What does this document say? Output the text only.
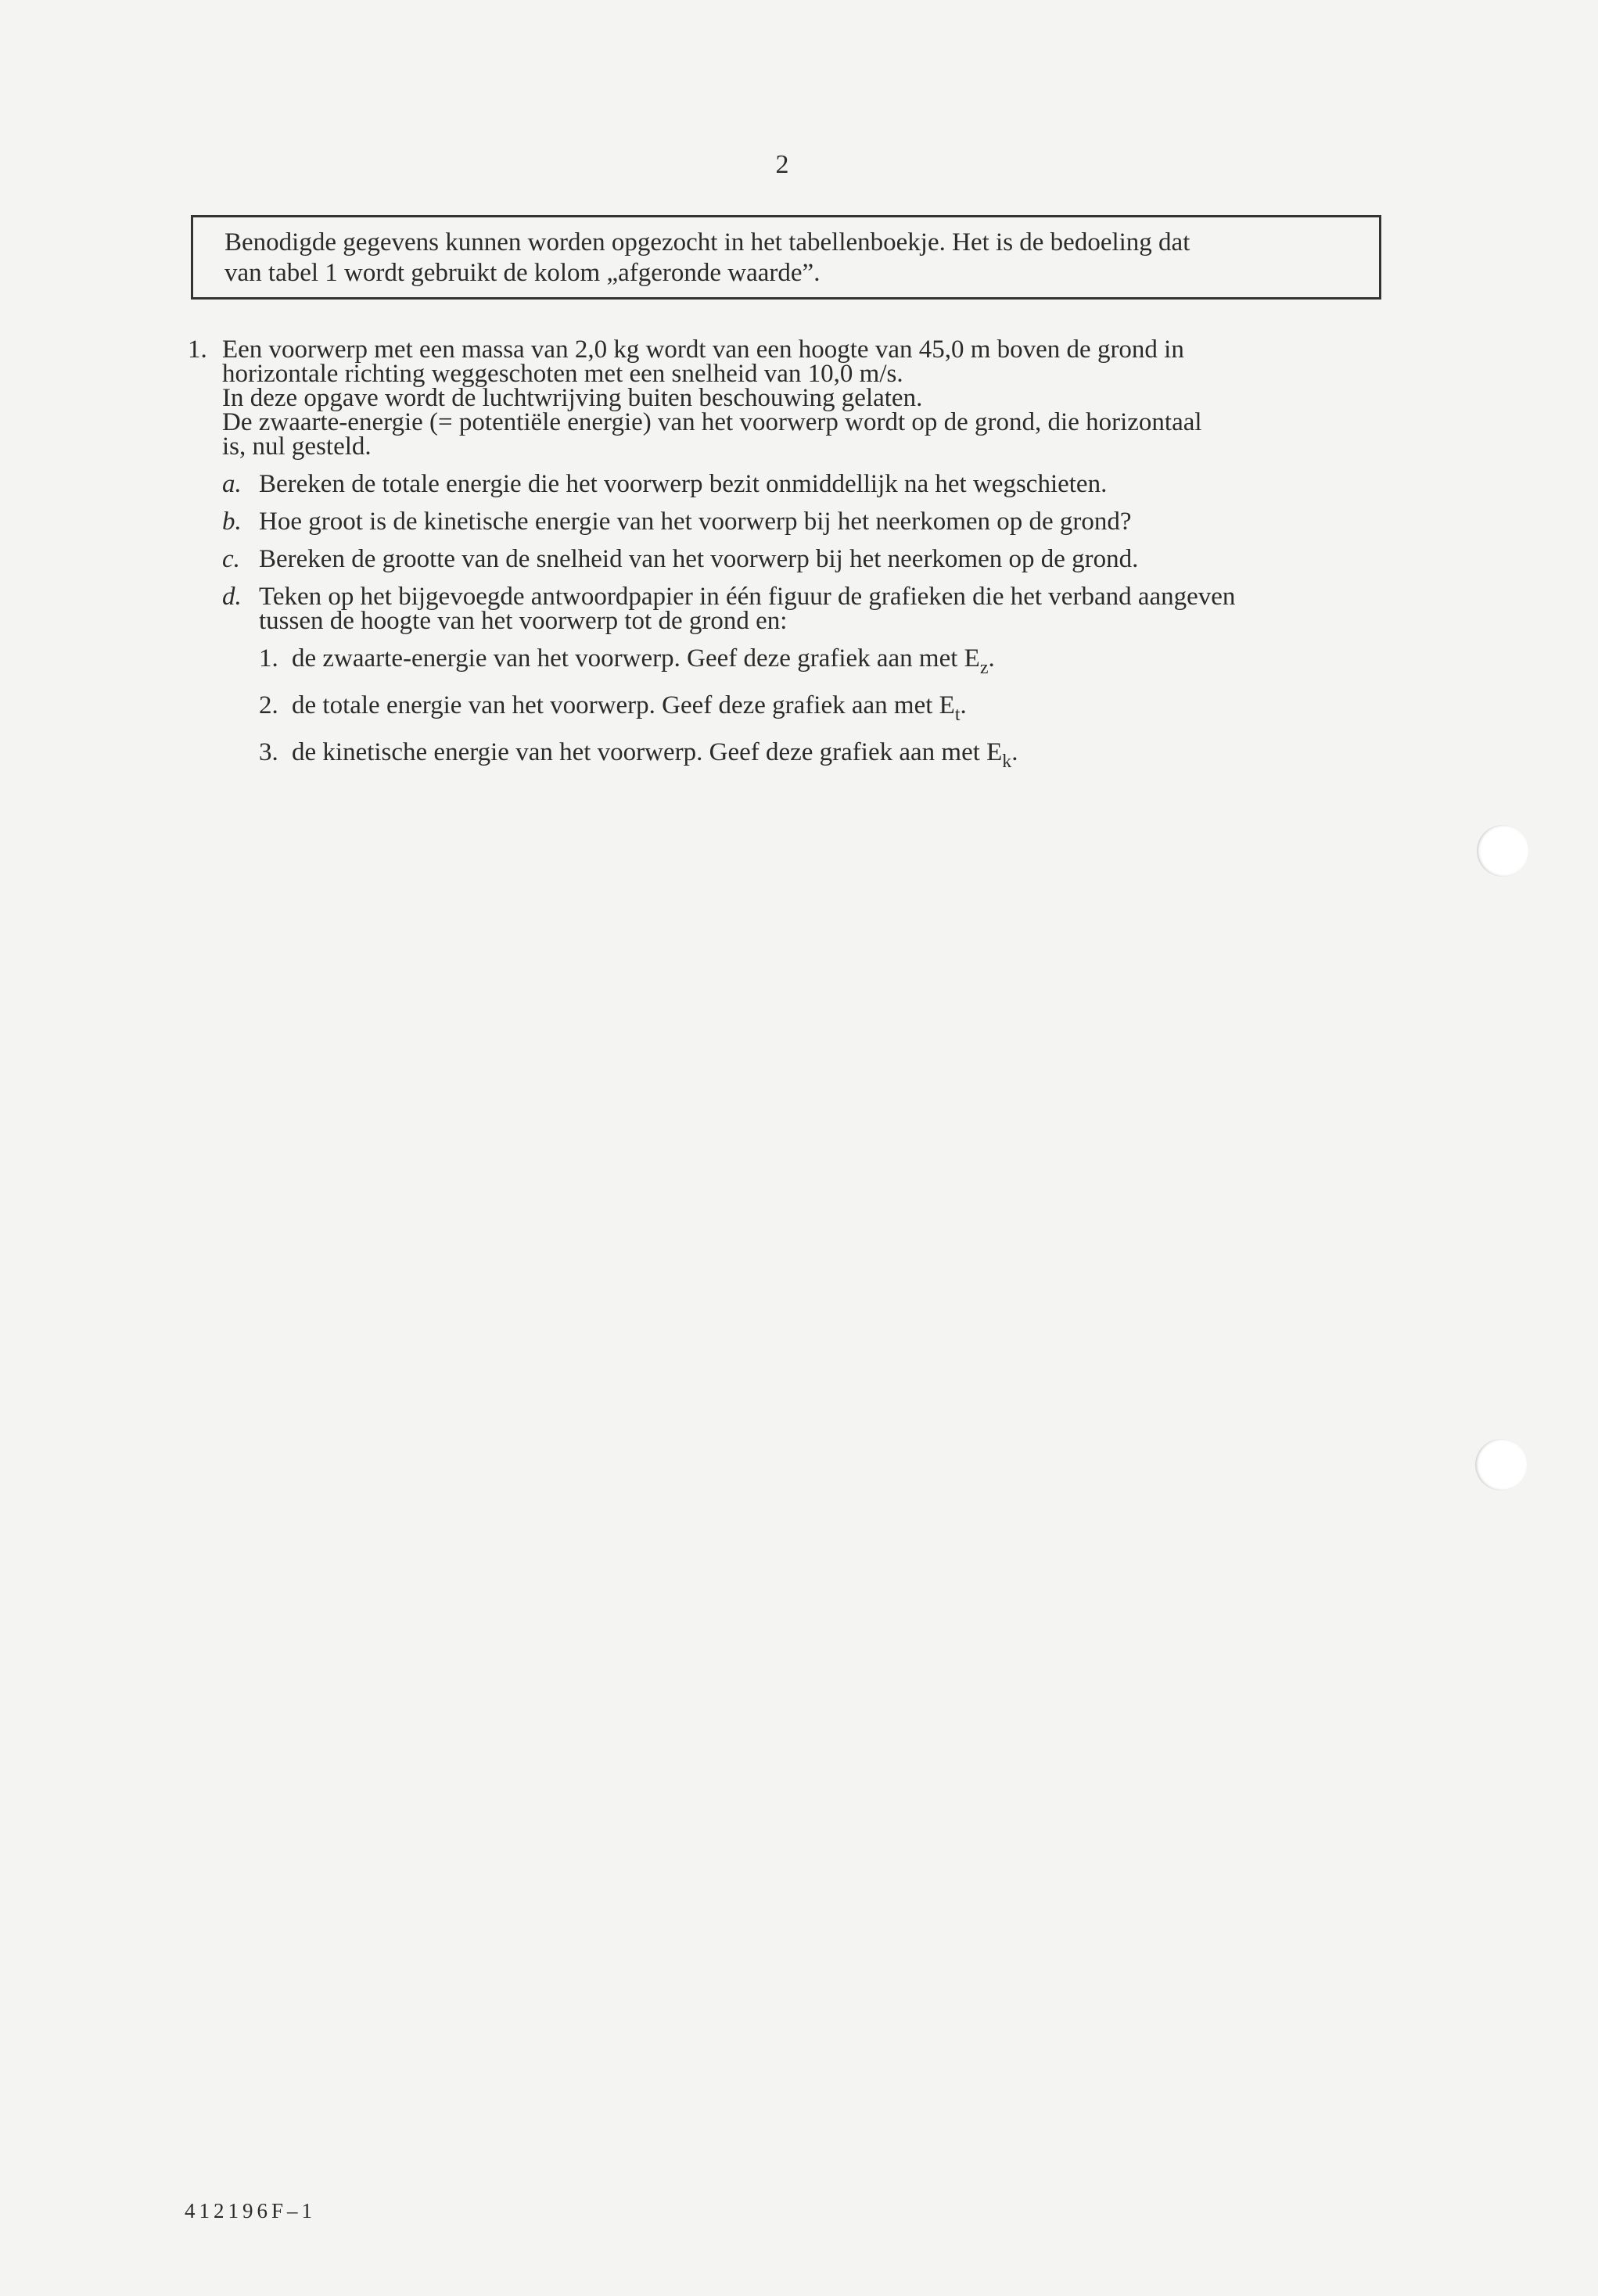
2
Benodigde gegevens kunnen worden opgezocht in het tabellenboekje. Het is de bedoeling dat
van tabel 1 wordt gebruikt de kolom „afgeronde waarde”.
1. Een voorwerp met een massa van 2,0 kg wordt van een hoogte van 45,0 m boven de grond in
horizontale richting weggeschoten met een snelheid van 10,0 m/s.
In deze opgave wordt de luchtwrijving buiten beschouwing gelaten.
De zwaarte-energie (= potentiële energie) van het voorwerp wordt op de grond, die horizontaal
is, nul gesteld.
a. Bereken de totale energie die het voorwerp bezit onmiddellijk na het wegschieten.
b. Hoe groot is de kinetische energie van het voorwerp bij het neerkomen op de grond?
c. Bereken de grootte van de snelheid van het voorwerp bij het neerkomen op de grond.
d. Teken op het bijgevoegde antwoordpapier in één figuur de grafieken die het verband aangeven
tussen de hoogte van het voorwerp tot de grond en:
1. de zwaarte-energie van het voorwerp. Geef deze grafiek aan met $E_z$.
2. de totale energie van het voorwerp. Geef deze grafiek aan met $E_t$.
3. de kinetische energie van het voorwerp. Geef deze grafiek aan met $E_k$.
412196F–1
